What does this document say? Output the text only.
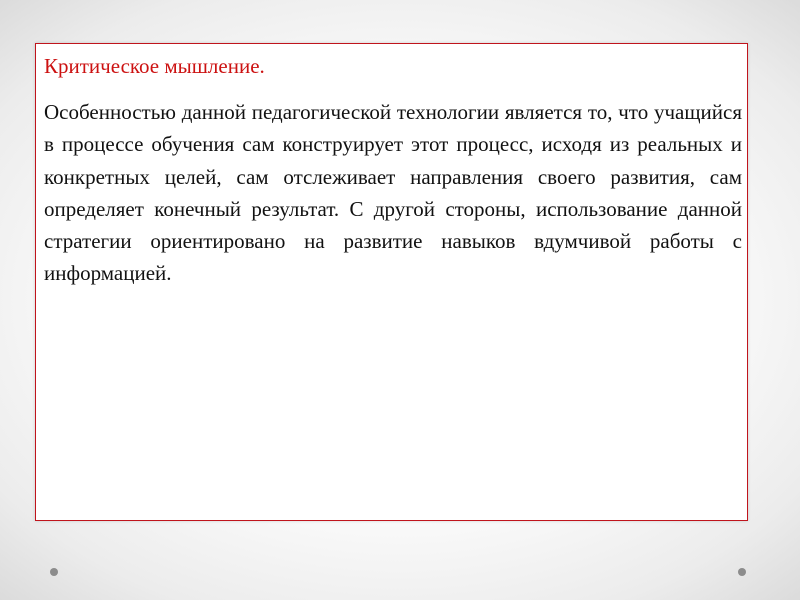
Критическое мышление.

Особенностью данной педагогической технологии является то, что учащийся в процессе обучения сам конструирует этот процесс, исходя из реальных и конкретных целей, сам отслеживает направления своего развития, сам определяет конечный результат. С другой стороны, использование данной стратегии ориентировано на развитие навыков вдумчивой работы с информацией.
